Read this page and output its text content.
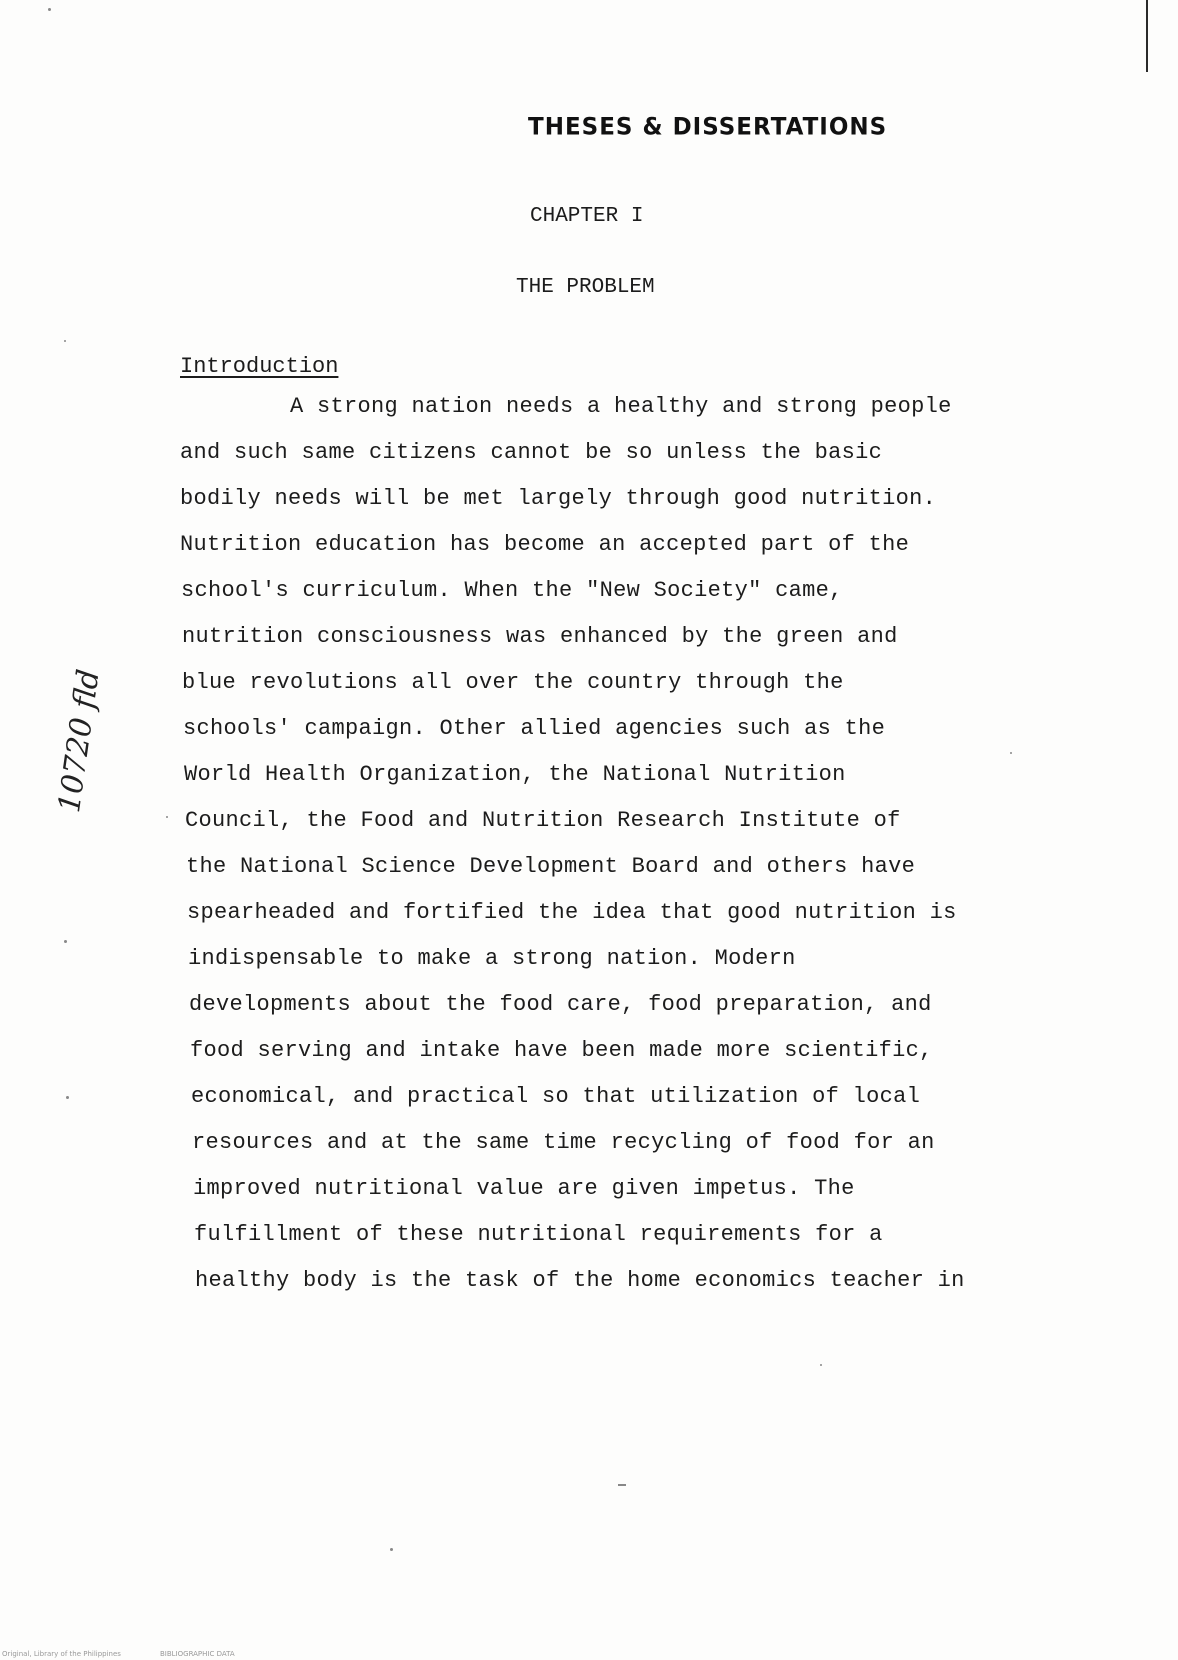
THESES & DISSERTATIONS
CHAPTER I
THE PROBLEM
Introduction
A strong nation needs a healthy and strong people
and such same citizens cannot be so unless the basic
bodily needs will be met largely through good nutrition.
Nutrition education has become an accepted part of the
school's curriculum. When the "New Society" came,
nutrition consciousness was enhanced by the green and
blue revolutions all over the country through the
schools' campaign. Other allied agencies such as the
World Health Organization, the National Nutrition
Council, the Food and Nutrition Research Institute of
the National Science Development Board and others have
spearheaded and fortified the idea that good nutrition is
indispensable to make a strong nation. Modern
developments about the food care, food preparation, and
food serving and intake have been made more scientific,
economical, and practical so that utilization of local
resources and at the same time recycling of food for an
improved nutritional value are given impetus. The
fulfillment of these nutritional requirements for a
healthy body is the task of the home economics teacher in
10720 fld
Original, Library of the Philippines	BIBLIOGRAPHIC DATA
